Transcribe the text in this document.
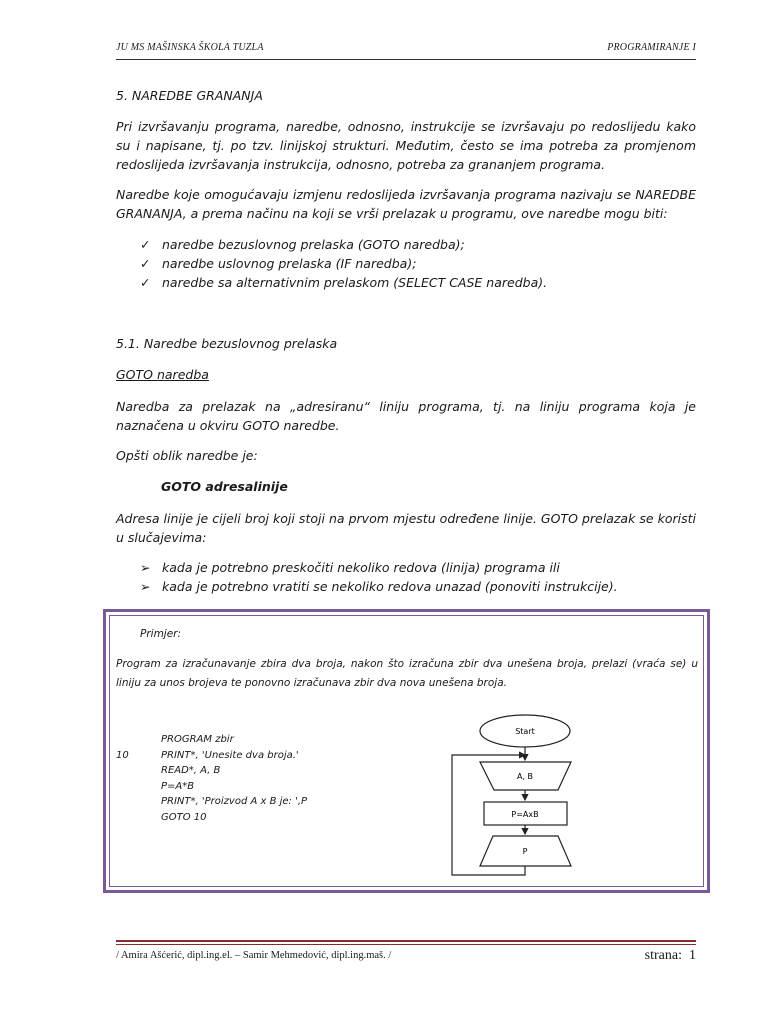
JU MS MAŠINSKA ŠKOLA TUZLA	PROGRAMIRANJE I
5. NAREDBE GRANANJA
Pri izvršavanju programa, naredbe, odnosno, instrukcije se izvršavaju po redoslijedu kako su i napisane, tj. po tzv. linijskoj strukturi. Međutim, često se ima potreba za promjenom redoslijeda izvršavanja instrukcija, odnosno, potreba za grananjem programa.
Naredbe koje omogućavaju izmjenu redoslijeda izvršavanja programa nazivaju se NAREDBE GRANANJA, a prema načinu na koji se vrši prelazak u programu, ove naredbe mogu biti:
✓ naredbe bezuslovnog prelaska (GOTO naredba);
✓ naredbe uslovnog prelaska (IF naredba);
✓ naredbe sa alternativnim prelaskom (SELECT CASE naredba).
5.1. Naredbe bezuslovnog prelaska
GOTO naredba
Naredba za prelazak na „adresiranu“ liniju programa, tj. na liniju programa koja je naznačena u okviru GOTO naredbe.
Opšti oblik naredbe je:
GOTO adresalinije
Adresa linije je cijeli broj koji stoji na prvom mjestu određene linije. GOTO prelazak se koristi u slučajevima:
➢ kada je potrebno preskočiti nekoliko redova (linija) programa ili
➢ kada je potrebno vratiti se nekoliko redova unazad (ponoviti instrukcije).
Primjer:
Program za izračunavanje zbira dva broja, nakon što izračuna zbir dva unešena broja, prelazi (vraća se) u liniju za unos brojeva te ponovno izračunava zbir dva nova unešena broja.
10
PROGRAM zbir
PRINT*, 'Unesite dva broja.'
READ*, A, B
P=A*B
PRINT*, 'Proizvod A x B je: ',P
GOTO 10
Start
A, B
P=AxB
P
/ Amira Ašćerić, dipl.ing.el. – Samir Mehmedović, dipl.ing.maš. /	strana: 1
